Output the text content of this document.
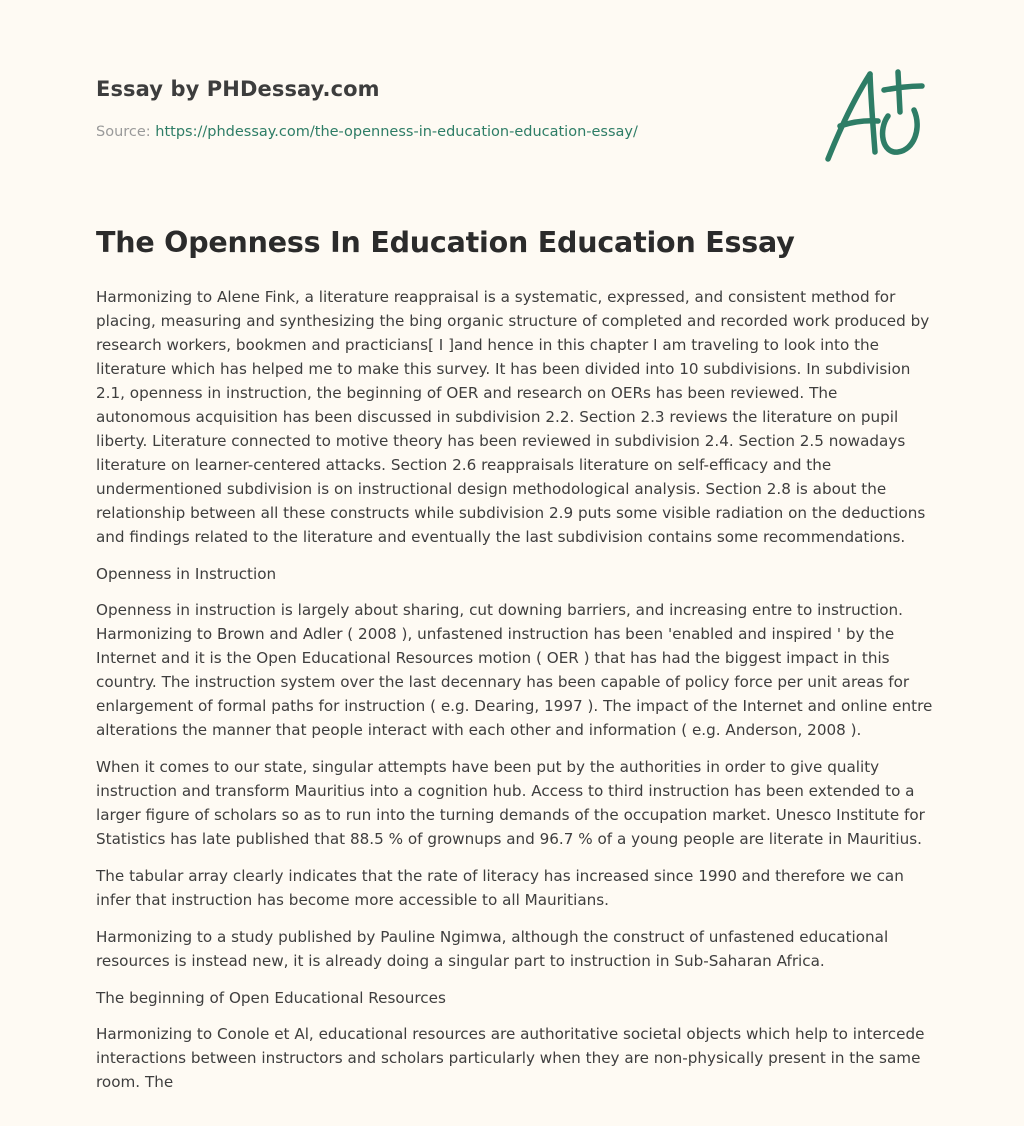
Essay by PHDessay.com
Source: https://phdessay.com/the-openness-in-education-education-essay/
The Openness In Education Education Essay

Harmonizing to Alene Fink, a literature reappraisal is a systematic, expressed, and consistent method for placing, measuring and synthesizing the bing organic structure of completed and recorded work produced by research workers, bookmen and practicians[ I ]and hence in this chapter I am traveling to look into the literature which has helped me to make this survey. It has been divided into 10 subdivisions. In subdivision 2.1, openness in instruction, the beginning of OER and research on OERs has been reviewed. The autonomous acquisition has been discussed in subdivision 2.2. Section 2.3 reviews the literature on pupil liberty. Literature connected to motive theory has been reviewed in subdivision 2.4. Section 2.5 nowadays literature on learner-centered attacks. Section 2.6 reappraisals literature on self-efficacy and the undermentioned subdivision is on instructional design methodological analysis. Section 2.8 is about the relationship between all these constructs while subdivision 2.9 puts some visible radiation on the deductions and findings related to the literature and eventually the last subdivision contains some recommendations.

Openness in Instruction

Openness in instruction is largely about sharing, cut downing barriers, and increasing entre to instruction. Harmonizing to Brown and Adler ( 2008 ), unfastened instruction has been 'enabled and inspired ' by the Internet and it is the Open Educational Resources motion ( OER ) that has had the biggest impact in this country. The instruction system over the last decennary has been capable of policy force per unit areas for enlargement of formal paths for instruction ( e.g. Dearing, 1997 ). The impact of the Internet and online entre alterations the manner that people interact with each other and information ( e.g. Anderson, 2008 ).

When it comes to our state, singular attempts have been put by the authorities in order to give quality instruction and transform Mauritius into a cognition hub. Access to third instruction has been extended to a larger figure of scholars so as to run into the turning demands of the occupation market. Unesco Institute for Statistics has late published that 88.5 % of grownups and 96.7 % of a young people are literate in Mauritius.

The tabular array clearly indicates that the rate of literacy has increased since 1990 and therefore we can infer that instruction has become more accessible to all Mauritians.

Harmonizing to a study published by Pauline Ngimwa, although the construct of unfastened educational resources is instead new, it is already doing a singular part to instruction in Sub-Saharan Africa.

The beginning of Open Educational Resources

Harmonizing to Conole et Al, educational resources are authoritative societal objects which help to intercede interactions between instructors and scholars particularly when they are non-physically present in the same room. The
